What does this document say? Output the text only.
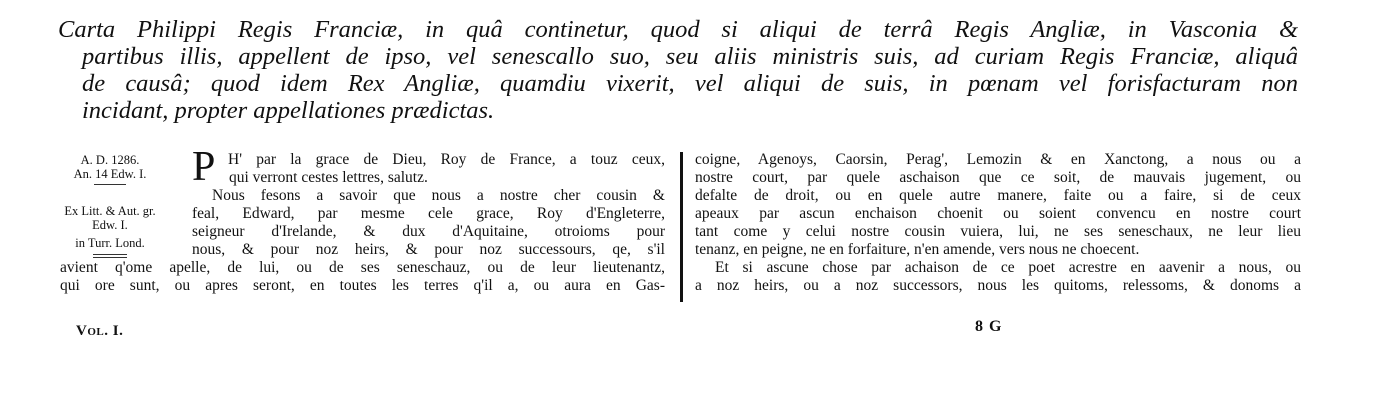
Carta Philippi Regis Franciæ, in quâ continetur, quod si aliqui de terrâ Regis Angliæ, in Vasconia &
partibus illis, appellent de ipso, vel senescallo suo, seu aliis ministris suis, ad curiam Regis Franciæ, aliquâ
de causâ; quod idem Rex Angliæ, quamdiu vixerit, vel aliqui de suis, in pœnam vel forisfacturam non
incidant, propter appellationes prædictas.
A. D. 1286.
An. 14 Edw. I.
Ex Litt. & Aut. gr.
Edw. I.
in Turr. Lond.
P H' par la grace de Dieu, Roy de France, a touz ceux,
qui verront cestes lettres, salutz.
Nous fesons a savoir que nous a nostre cher cousin &
feal, Edward, par mesme cele grace, Roy d'Engleterre,
seigneur d'Irelande, & dux d'Aquitaine, otroioms pour
nous, & pour noz heirs, & pour noz successours, qe, s'il
avient q'ome apelle, de lui, ou de ses seneschauz, ou de leur lieutenantz,
qui ore sunt, ou apres seront, en toutes les terres q'il a, ou aura en Gas-
coigne, Agenoys, Caorsin, Perag', Lemozin & en Xanctong, a nous ou a
nostre court, par quele aschaison que ce soit, de mauvais jugement, ou
defalte de droit, ou en quele autre manere, faite ou a faire, si de ceux
apeaux par ascun enchaison choenit ou soient convencu en nostre court
tant come y celui nostre cousin vuiera, lui, ne ses seneschaux, ne leur lieu
tenanz, en peigne, ne en forfaiture, n'en amende, vers nous ne choecent.
Et si ascune chose par achaison de ce poet acrestre en aavenir a nous, ou
a noz heirs, ou a noz successors, nous les quitoms, relessoms, & donoms a
Vol. I.	8 G
